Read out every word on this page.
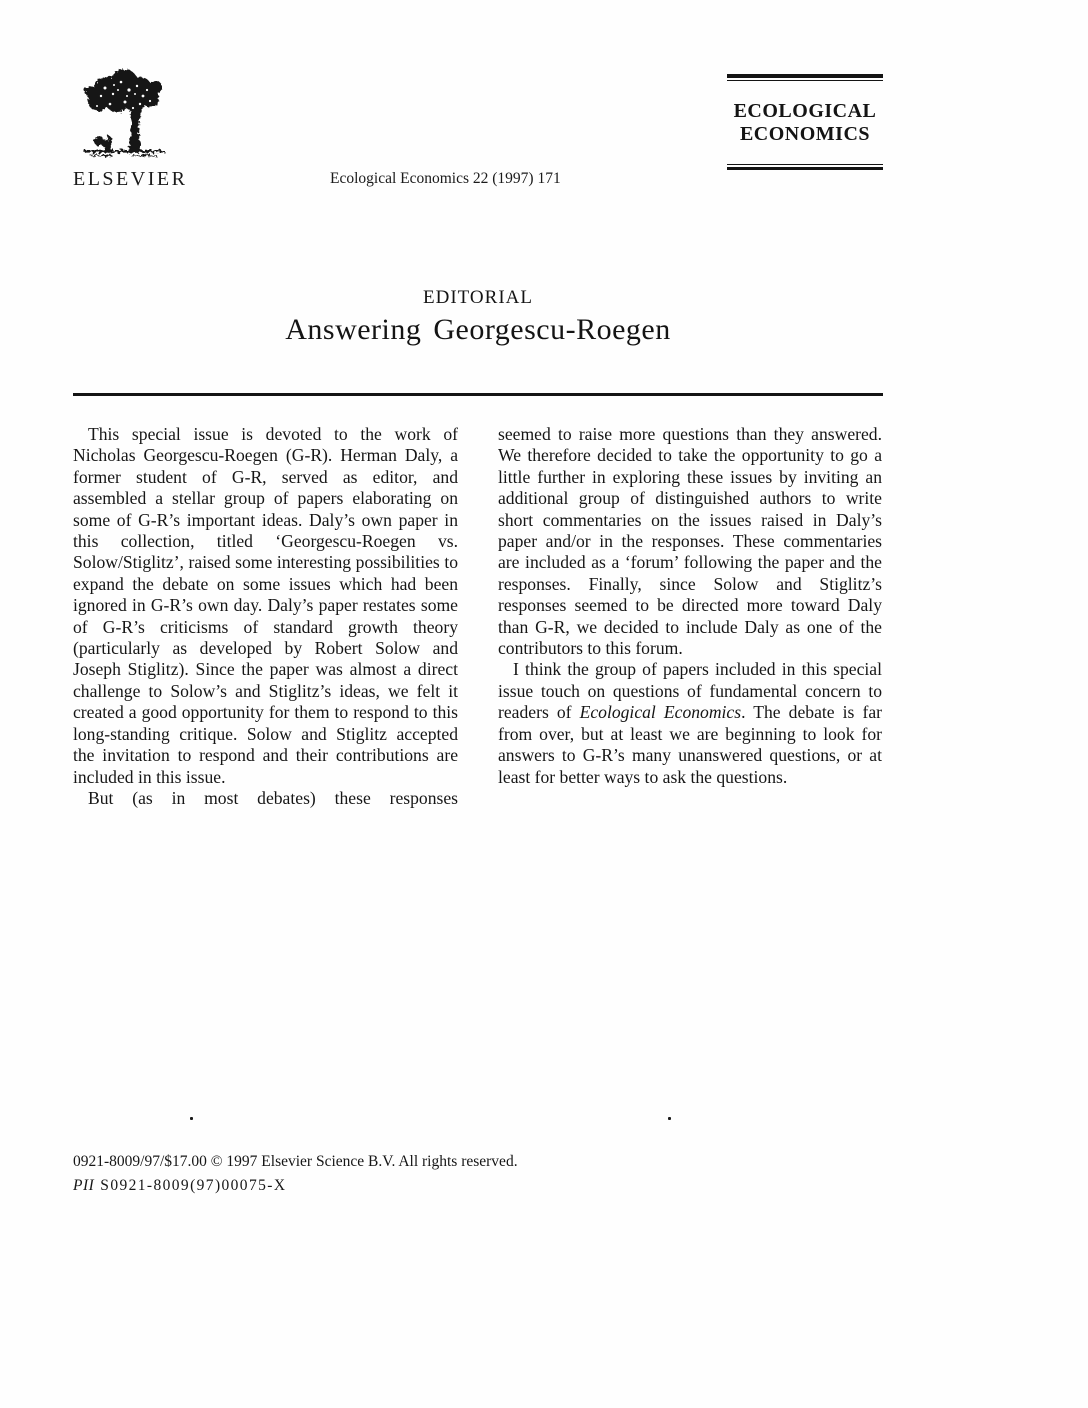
ELSEVIER	Ecological Economics 22 (1997) 171
ECOLOGICAL
ECONOMICS
EDITORIAL
Answering Georgescu-Roegen

This special issue is devoted to the work of Nicholas Georgescu-Roegen (G-R). Herman Daly, a former student of G-R, served as editor, and assembled a stellar group of papers elaborating on some of G-R’s important ideas. Daly’s own paper in this collection, titled ‘Georgescu-Roegen vs. Solow/Stiglitz’, raised some interesting possibilities to expand the debate on some issues which had been ignored in G-R’s own day. Daly’s paper restates some of G-R’s criticisms of standard growth theory (particularly as developed by Robert Solow and Joseph Stiglitz). Since the paper was almost a direct challenge to Solow’s and Stiglitz’s ideas, we felt it created a good opportunity for them to respond to this long-standing critique. Solow and Stiglitz accepted the invitation to respond and their contributions are included in this issue.

But (as in most debates) these responses

seemed to raise more questions than they answered. We therefore decided to take the opportunity to go a little further in exploring these issues by inviting an additional group of distinguished authors to write short commentaries on the issues raised in Daly’s paper and/or in the responses. These commentaries are included as a ‘forum’ following the paper and the responses. Finally, since Solow and Stiglitz’s responses seemed to be directed more toward Daly than G-R, we decided to include Daly as one of the contributors to this forum.

I think the group of papers included in this special issue touch on questions of fundamental concern to readers of Ecological Economics. The debate is far from over, but at least we are beginning to look for answers to G-R’s many unanswered questions, or at least for better ways to ask the questions.

0921-8009/97/$17.00 © 1997 Elsevier Science B.V. All rights reserved.
PII S0921-8009(97)00075-X
